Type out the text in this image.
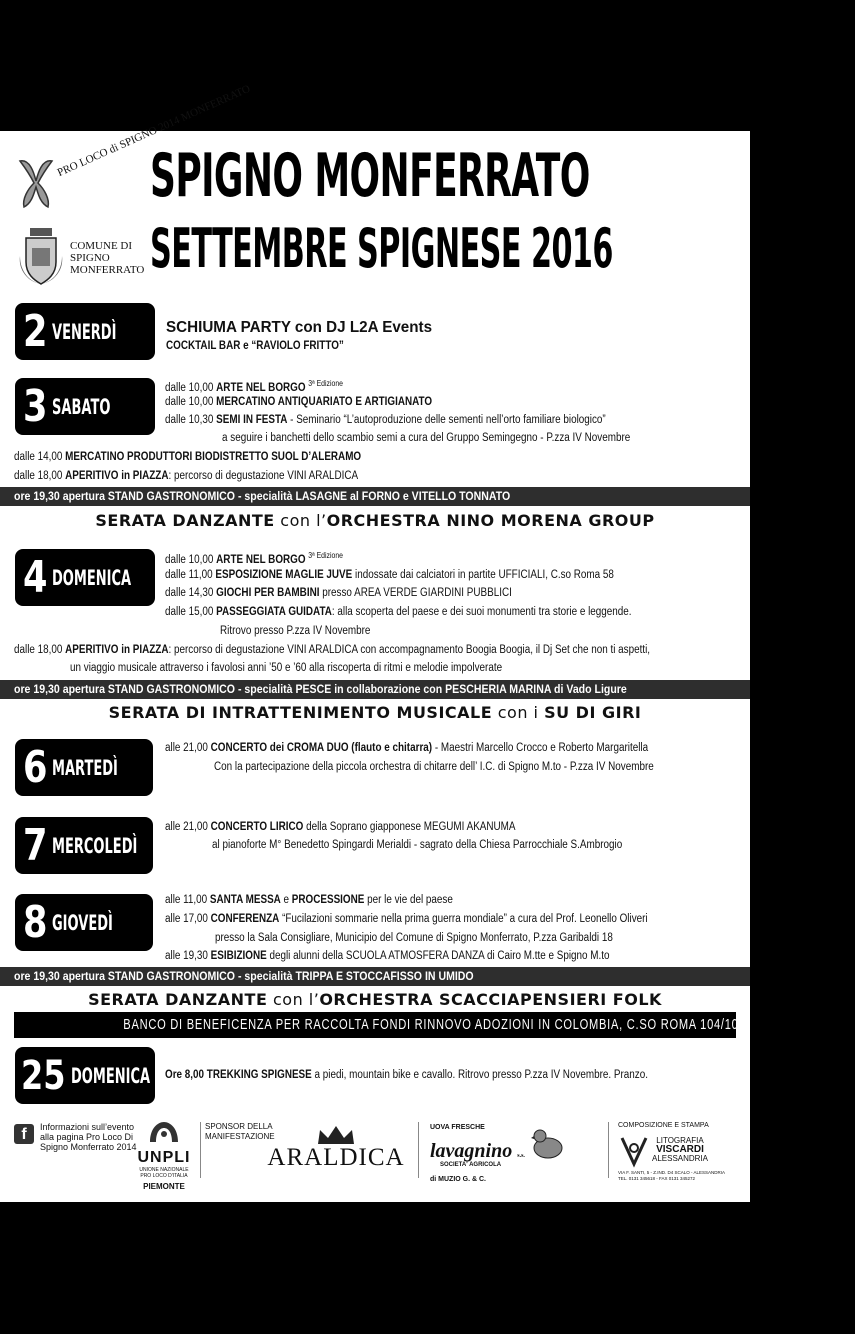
PRO LOCO di SPIGNO 2014 MONFERRATO
COMUNE DI
SPIGNO
MONFERRATO
SPIGNO MONFERRATO
SETTEMBRE SPIGNESE 2016
2 VENERDÌ	SCHIUMA PARTY con DJ L2A Events
COCKTAIL BAR e “RAVIOLO FRITTO”
3 SABATO
dalle 10,00 ARTE NEL BORGO $^{3ª Edizione}$
dalle 10,00 MERCATINO ANTIQUARIATO E ARTIGIANATO
dalle 10,30 SEMI IN FESTA - Seminario “L’autoproduzione delle sementi nell’orto familiare biologico”
a seguire i banchetti dello scambio semi a cura del Gruppo Semingegno - P.zza IV Novembre
dalle 14,00 MERCATINO PRODUTTORI BIODISTRETTO SUOL D’ALERAMO
dalle 18,00 APERITIVO in PIAZZA: percorso di degustazione VINI ARALDICA
ore 19,30 apertura STAND GASTRONOMICO - specialità LASAGNE al FORNO e VITELLO TONNATO
SERATA DANZANTE con l’ORCHESTRA NINO MORENA GROUP
4 DOMENICA
dalle 10,00 ARTE NEL BORGO $^{3ª Edizione}$
dalle 11,00 ESPOSIZIONE MAGLIE JUVE indossate dai calciatori in partite UFFICIALI, C.so Roma 58
dalle 14,30 GIOCHI PER BAMBINI presso AREA VERDE GIARDINI PUBBLICI
dalle 15,00 PASSEGGIATA GUIDATA: alla scoperta del paese e dei suoi monumenti tra storie e leggende.
Ritrovo presso P.zza IV Novembre
dalle 18,00 APERITIVO in PIAZZA: percorso di degustazione VINI ARALDICA con accompagnamento Boogia Boogia, il Dj Set che non ti aspetti,
un viaggio musicale attraverso i favolosi anni ’50 e ’60 alla riscoperta di ritmi e melodie impolverate
ore 19,30 apertura STAND GASTRONOMICO - specialità PESCE in collaborazione con PESCHERIA MARINA di Vado Ligure
SERATA DI INTRATTENIMENTO MUSICALE con i SU DI GIRI
6 MARTEDÌ
alle 21,00 CONCERTO dei CROMA DUO (flauto e chitarra) - Maestri Marcello Crocco e Roberto Margaritella
Con la partecipazione della piccola orchestra di chitarre dell’ I.C. di Spigno M.to - P.zza IV Novembre
7 MERCOLEDÌ
alle 21,00 CONCERTO LIRICO della Soprano giapponese MEGUMI AKANUMA
al pianoforte M° Benedetto Spingardi Merialdi - sagrato della Chiesa Parrocchiale S.Ambrogio
8 GIOVEDÌ
alle 11,00 SANTA MESSA e PROCESSIONE per le vie del paese
alle 17,00 CONFERENZA “Fucilazioni sommarie nella prima guerra mondiale” a cura del Prof. Leonello Oliveri
presso la Sala Consigliare, Municipio del Comune di Spigno Monferrato, P.zza Garibaldi 18
alle 19,30 ESIBIZIONE degli alunni della SCUOLA ATMOSFERA DANZA di Cairo M.tte e Spigno M.to
ore 19,30 apertura STAND GASTRONOMICO - specialità TRIPPA E STOCCAFISSO IN UMIDO
SERATA DANZANTE con l’ORCHESTRA SCACCIAPENSIERI FOLK
BANCO DI BENEFICENZA PER RACCOLTA FONDI RINNOVO ADOZIONI IN COLOMBIA, C.SO ROMA 104/106
25 DOMENICA Ore 8,00 TREKKING SPIGNESE a piedi, mountain bike e cavallo. Ritrovo presso P.zza IV Novembre. Pranzo.
f	Informazioni sull’evento
alla pagina Pro Loco Di
Spigno Monferrato 2014
UNPLI
UNIONE NAZIONALE PRO LOCO D'ITALIA
PIEMONTE
SPONSOR DELLA
MANIFESTAZIONE
ARALDICA
UOVA FRESCHE
lavagnino s.s.
SOCIETA' AGRICOLA
di MUZIO G. & C.
COMPOSIZIONE E STAMPA
LITOGRAFIA
VISCARDI
ALESSANDRIA
VIA F. SANTI, 5 - Z.IND. D4 SCALO - ALESSANDRIA
TEL. 0131 345618 - FAX 0131 345272
